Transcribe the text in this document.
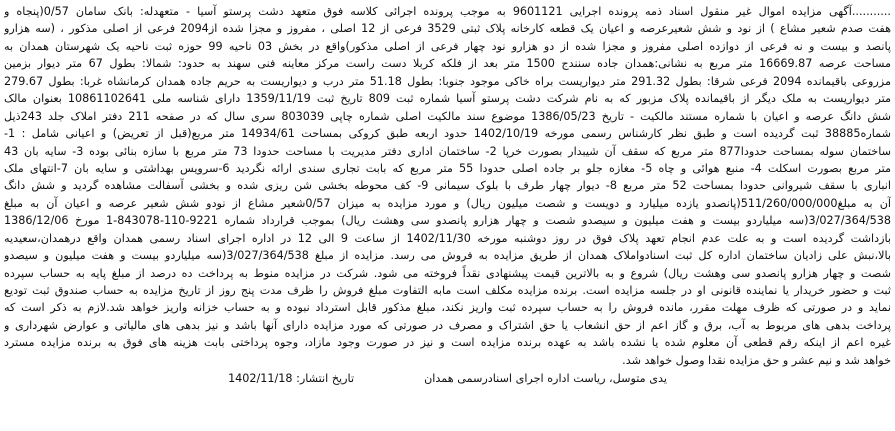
...........آگهی مزایده اموال غیر منقول اسناد ذمه پرونده اجرایی 9601121 به موجب پرونده اجرائی کلاسه فوق متعهد دشت پرستو آسیا - متعهدله: بانک سامان 0/57(پنجاه و
هفت صدم شعیر مشاع ) از نود و شش شعیرعرصه و اعیان یک قطعه کارخانه پلاک ثبتی 3529 فرعی از 12 اصلی ، مفروز و مجزا شده از2094 فرعی از اصلی مذکور ، (سه هزارو
پانصد و بیست و نه فرعی از دوازده اصلی مفروز و مجزا شده از دو هزارو نود چهار فرعی از اصلی مذکور)واقع در بخش 03 ناحیه 99 حوزه ثبت ناحیه یک شهرستان همدان به
مساحت عرصه 16669.87 متر مربع به نشانی:همدان جاده سنندج 1500 متر بعد از فلکه کربلا دست راست مرکز معاینه فنی سهند به حدود: شمالا: بطول 67 متر دیوار بزمین
مزروعی باقیمانده 2094 فرعی شرقا: بطول 291.32 متر دیواریست براه خاکی موجود جنوبا: بطول 51.18 متر درب و دیواریست به حریم جاده همدان کرمانشاه غربا: بطول 279.67
متر دیواریست به ملک دیگر از باقیمانده پلاک مزبور که به نام شرکت دشت پرستو آسیا شماره ثبت 809 تاریخ ثبت 1359/11/19 دارای شناسه ملی 10861102641 بعنوان مالک
شش دانگ عرصه و اعیان با شماره مستند مالکیت - تاریخ 1386/05/23 موضوع سند مالکیت اصلی شماره چاپی 803039 سری سال که در صفحه 211 دفتر املاک جلد 243ذیل
شماره38885 ثبت گردیده است و طبق نظر کارشناس رسمی مورخه 1402/10/19 حدود اربعه طبق کروکی بمساحت 14934/61 متر مربع(قبل از تعریض) و اعیانی شامل : 1-
ساختمان سوله بمساحت حدودا877 متر مربع که سقف آن شیبدار بصورت خرپا 2- ساختمان اداری دفتر مدیریت با مساحت حدودا 73 متر مربع با سازه بنائی بوده 3- سایه بان 43
متر مربع بصورت اسکلت 4- منبع هوائی و چاه 5- مغازه جلو بر جاده اصلی حدودا 55 متر مربع که بابت تجاری سندی ارائه نگردید 6-سرویس بهداشتی و سایه بان 7-انتهای ملک
انباری با سقف شیروانی حدودا بمساحت 52 متر مربع 8- دیوار چهار طرف با بلوک سیمانی 9- کف محوطه بخشی شن ریزی شده و بخشی آسفالت مشاهده گردید و شش دانگ
آن به مبلغ511/260/000/000(پانصدو یازده میلیارد و دویست و شصت میلیون ریال) و مورد مزایده به میزان 0/57شعیر مشاع از نودو شش شعیر عرصه و اعیان آن به مبلغ
3/027/364/538(سه میلیاردو بیست و هفت میلیون و سیصدو شصت و چهار هزارو پانصدو سی وهشت ریال) بموجب قرارداد شماره 9221-110-843078-1 مورخ 1386/12/06
بازداشت گردیده است و به علت عدم انجام تعهد پلاک فوق در روز دوشنبه مورخه 1402/11/30 از ساعت 9 الی 12 در اداره اجرای اسناد رسمی همدان واقع درهمدان،سعیدیه
بالا،نبش علی زادیان ساختمان اداره کل ثبت اسنادواملاک همدان از طریق مزایده به فروش می رسد. مزایده از مبلغ 3/027/364/538(سه میلیاردو بیست و هفت میلیون و سیصدو
شصت و چهار هزارو پانصدو سی وهشت ریال) شروع و به بالاترین قیمت پیشنهادی نقداً فروخته می شود. شرکت در مزایده منوط به پرداخت ده درصد از مبلغ پایه به حساب سپرده
ثبت و حضور خریدار یا نماینده قانونی او در جلسه مزایده است. برنده مزایده مکلف است مابه التفاوت مبلغ فروش را ظرف مدت پنج روز از تاریخ مزایده به حساب صندوق ثبت تودیع
نماید و در صورتی که ظرف مهلت مقرر، مانده فروش را به حساب سپرده ثبت واریز نکند، مبلغ مذکور قابل استرداد نبوده و به حساب خزانه واریز خواهد شد.لازم به ذکر است که
پرداخت بدهی های مربوط به آب، برق و گاز اعم از حق انشعاب یا حق اشتراک و مصرف در صورتی که مورد مزایده دارای آنها باشد و نیز بدهی های مالیاتی و عوارض شهرداری و
غیره اعم از اینکه رقم قطعی آن معلوم شده یا نشده باشد به عهده برنده مزایده است و نیز در صورت وجود مازاد، وجوه پرداختی بابت هزینه های فوق به برنده مزایده مسترد
خواهد شد و نیم عشر و حق مزایده نقدا وصول خواهد شد.
یدی متوسل، ریاست اداره اجرای اسنادرسمی همدان
تاریخ انتشار: 1402/11/18
